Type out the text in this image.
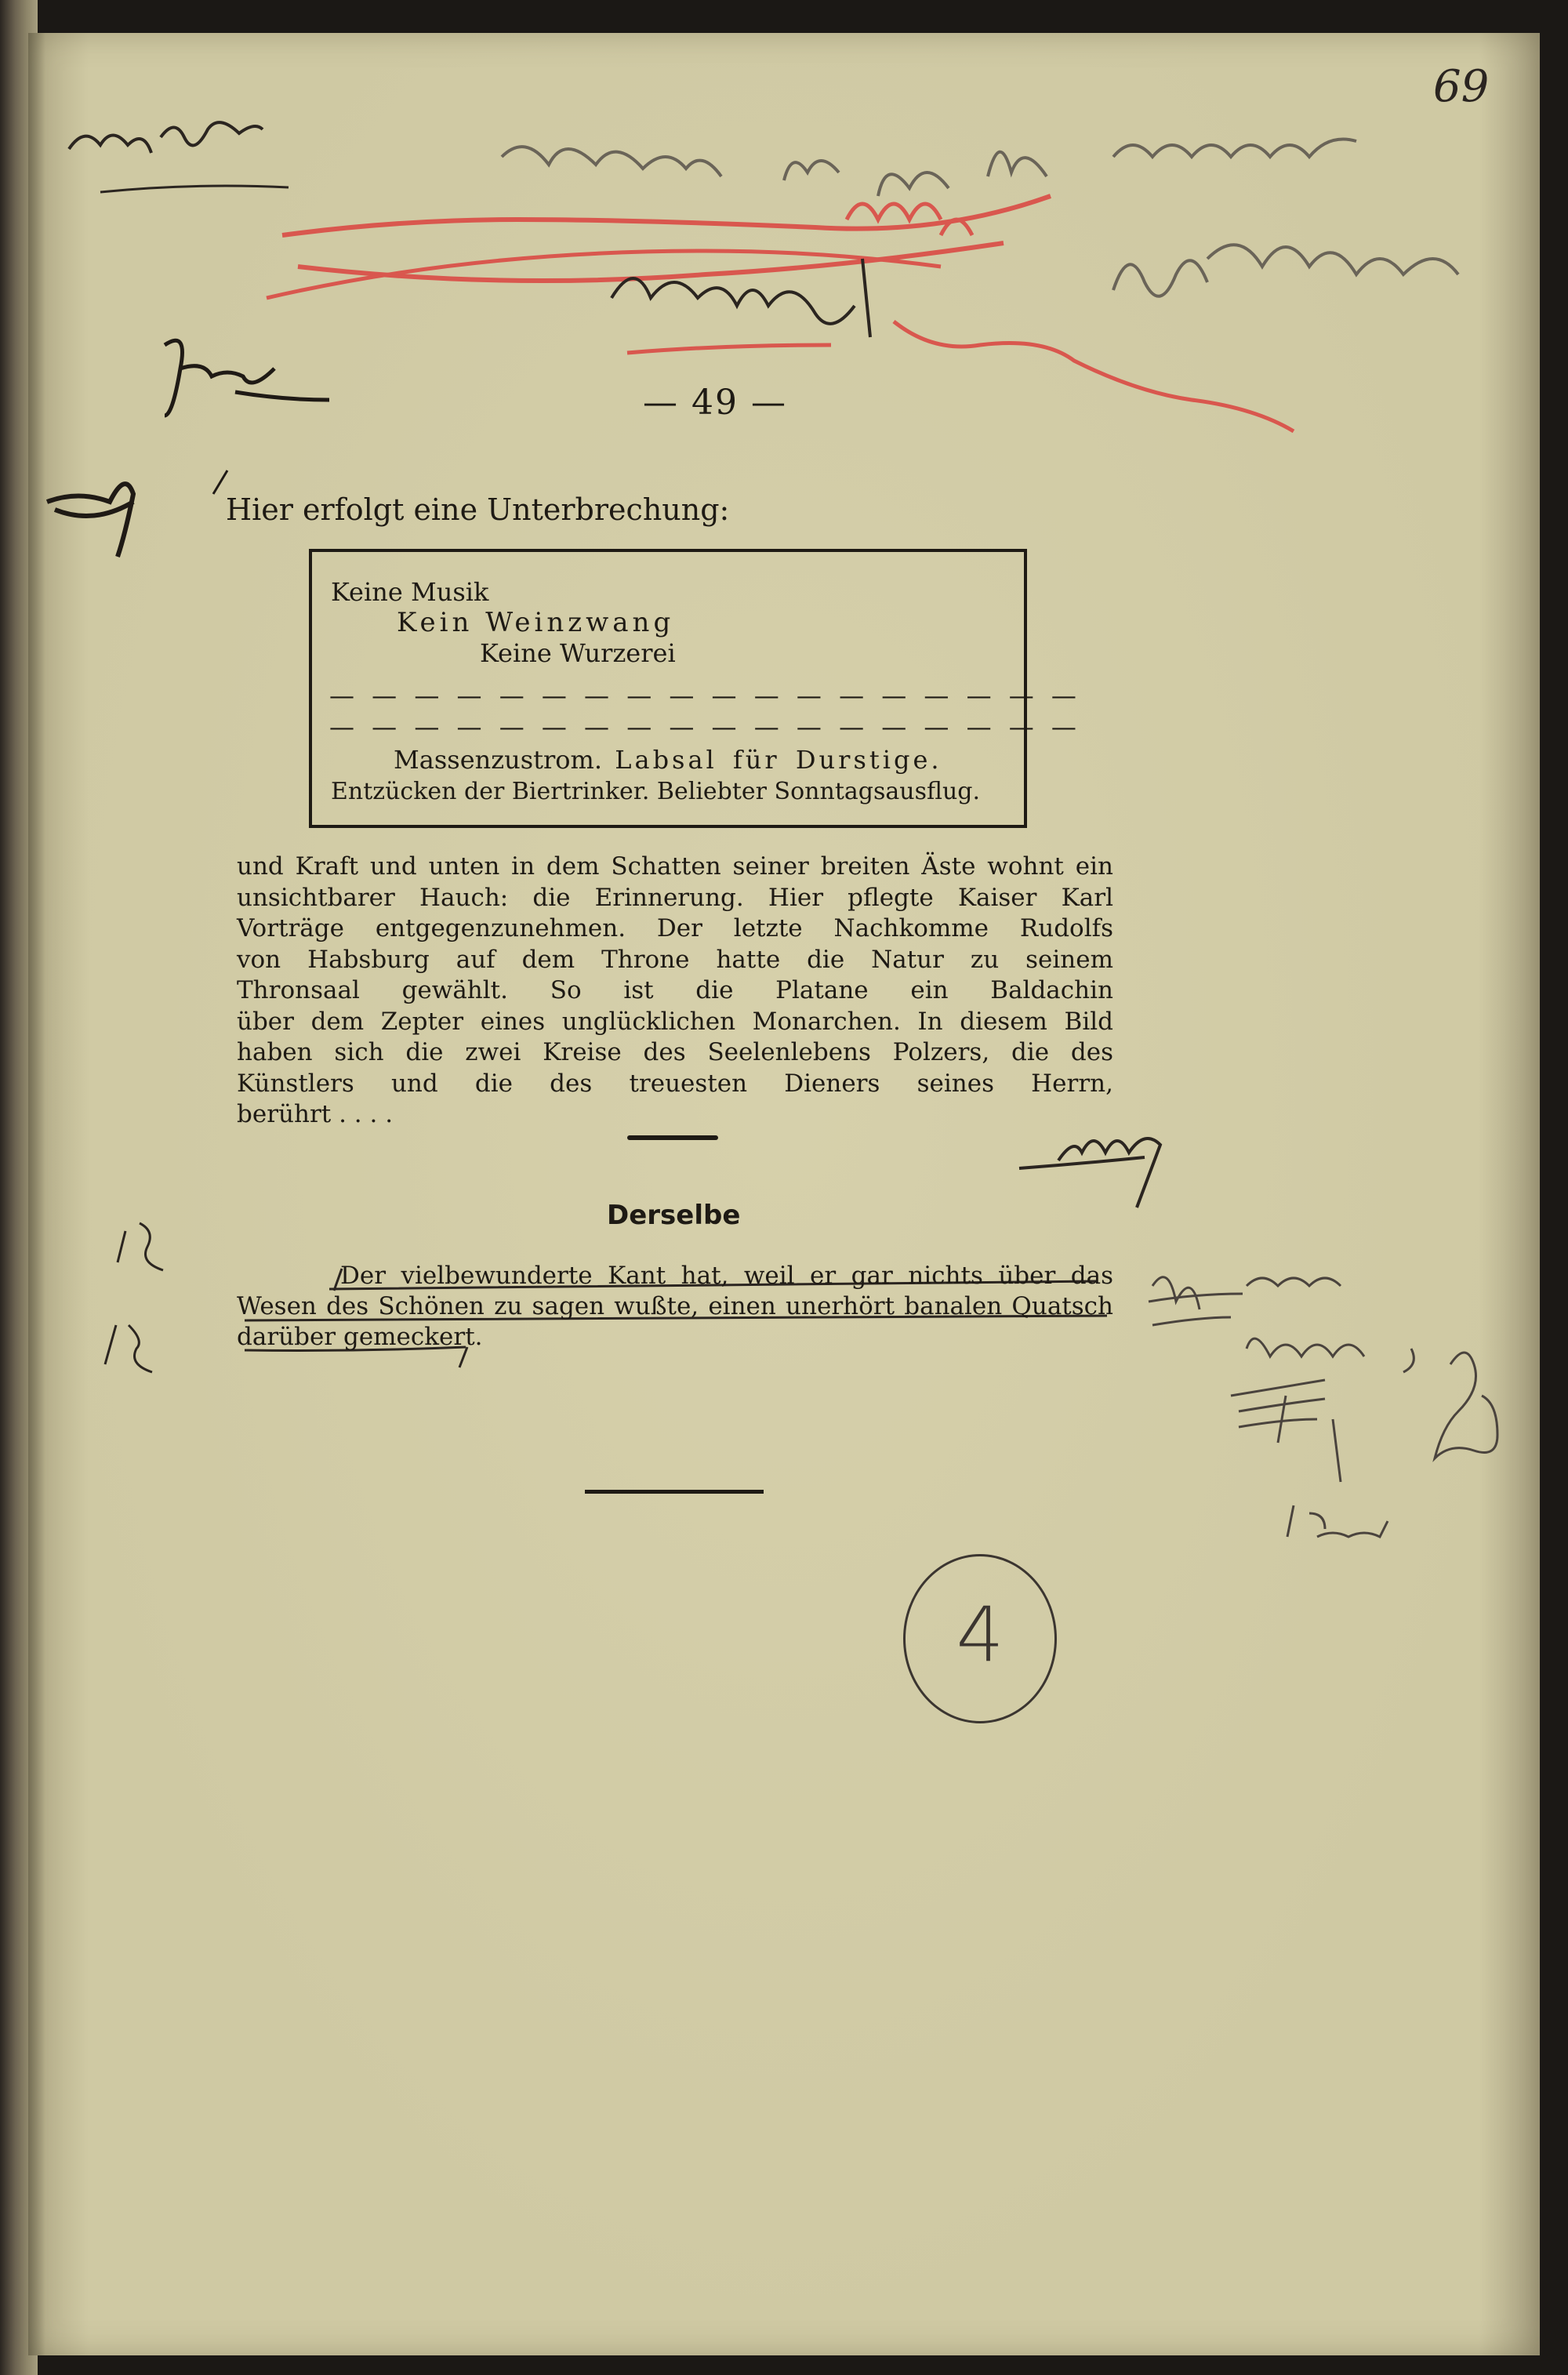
69
— 49 —
Hier erfolgt eine Unterbrechung:
Keine Musik
Kein Weinzwang
Keine Wurzerei
— — — — — — — — — — — — — — — — — —
— — — — — — — — — — — — — — — — — —
Massenzustrom. Labsal für Durstige.
Entzücken der Biertrinker. Beliebter Sonntagsausflug.
und Kraft und unten in dem Schatten seiner breiten Äste wohnt ein
unsichtbarer Hauch: die Erinnerung. Hier pflegte Kaiser Karl
Vorträge entgegenzunehmen. Der letzte Nachkomme Rudolfs
von Habsburg auf dem Throne hatte die Natur zu seinem
Thronsaal gewählt. So ist die Platane ein Baldachin
über dem Zepter eines unglücklichen Monarchen. In diesem Bild
haben sich die zwei Kreise des Seelenlebens Polzers, die des
Künstlers und die des treuesten Dieners seines Herrn,
berührt . . . .
Derselbe
Der vielbewunderte Kant hat, weil er gar nichts über das
Wesen des Schönen zu sagen wußte, einen unerhört banalen Quatsch
darüber gemeckert.
4
